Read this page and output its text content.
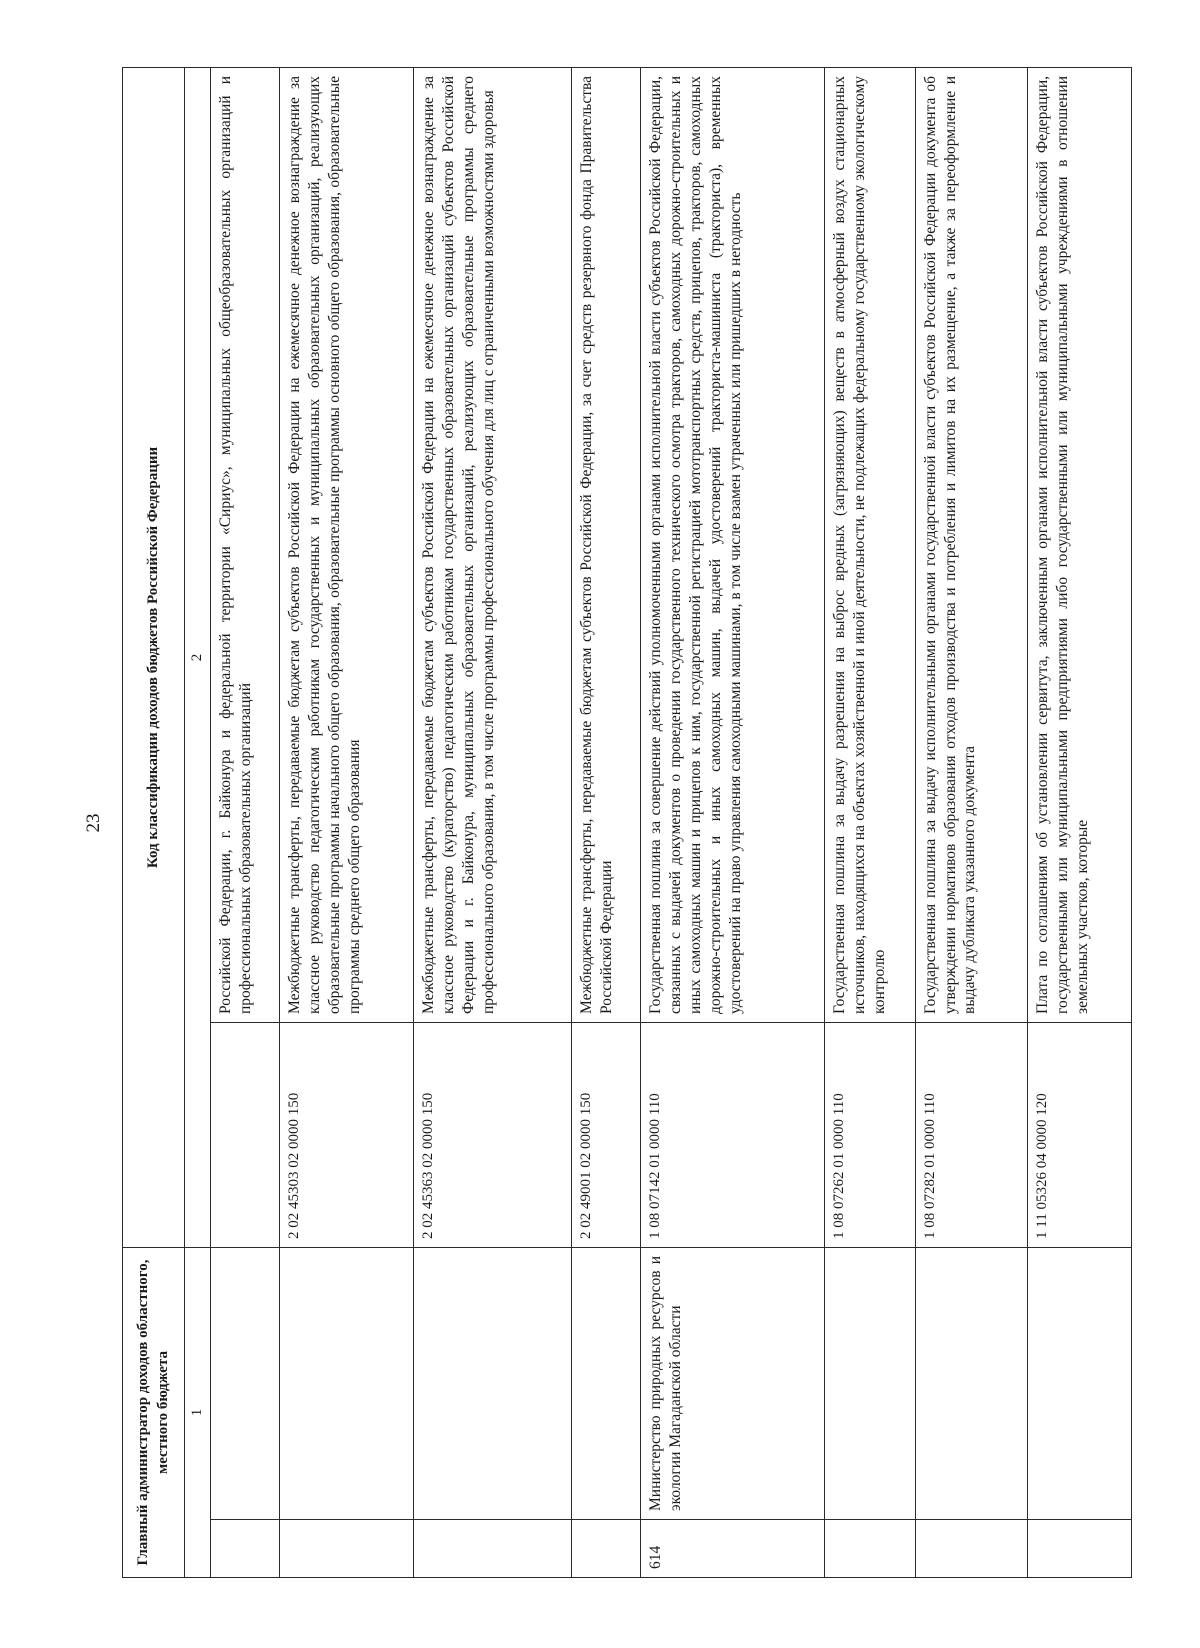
23
Главный администратор доходов областного, местного бюджета		Код классификации доходов бюджетов Российской Федерации	
1		2	
			Российской Федерации, г. Байконура и федеральной территории «Сириус», муниципальных общеобразовательных организаций и профессиональных образовательных организаций
		2 02 45303 02 0000 150	Межбюджетные трансферты, передаваемые бюджетам субъектов Российской Федерации на ежемесячное денежное вознаграждение за классное руководство педагогическим работникам государственных и муниципальных образовательных организаций, реализующих образовательные программы начального общего образования, образовательные программы основного общего образования, образовательные программы среднего общего образования
		2 02 45363 02 0000 150	Межбюджетные трансферты, передаваемые бюджетам субъектов Российской Федерации на ежемесячное денежное вознаграждение за классное руководство (кураторство) педагогическим работникам государственных образовательных организаций субъектов Российской Федерации и г. Байконура, муниципальных образовательных организаций, реализующих образовательные программы среднего профессионального образования, в том числе программы профессионального обучения для лиц с ограниченными возможностями здоровья
		2 02 49001 02 0000 150	Межбюджетные трансферты, передаваемые бюджетам субъектов Российской Федерации, за счет средств резервного фонда Правительства Российской Федерации
614	Министерство природных ресурсов и экологии Магаданской области	1 08 07142 01 0000 110	Государственная пошлина за совершение действий уполномоченными органами исполнительной власти субъектов Российской Федерации, связанных с выдачей документов о проведении государственного технического осмотра тракторов, самоходных дорожно-строительных и иных самоходных машин и прицепов к ним, государственной регистрацией мототранспортных средств, прицепов, тракторов, самоходных дорожно-строительных и иных самоходных машин, выдачей удостоверений тракториста-машиниста (тракториста), временных удостоверений на право управления самоходными машинами, в том числе взамен утраченных или пришедших в негодность
		1 08 07262 01 0000 110	Государственная пошлина за выдачу разрешения на выброс вредных (загрязняющих) веществ в атмосферный воздух стационарных источников, находящихся на объектах хозяйственной и иной деятельности, не подлежащих федеральному государственному экологическому контролю
		1 08 07282 01 0000 110	Государственная пошлина за выдачу исполнительными органами государственной власти субъектов Российской Федерации документа об утверждении нормативов образования отходов производства и потребления и лимитов на их размещение, а также за переоформление и выдачу дубликата указанного документа
		1 11 05326 04 0000 120	Плата по соглашениям об установлении сервитута, заключенным органами исполнительной власти субъектов Российской Федерации, государственными или муниципальными предприятиями либо государственными или муниципальными учреждениями в отношении земельных участков, которые
